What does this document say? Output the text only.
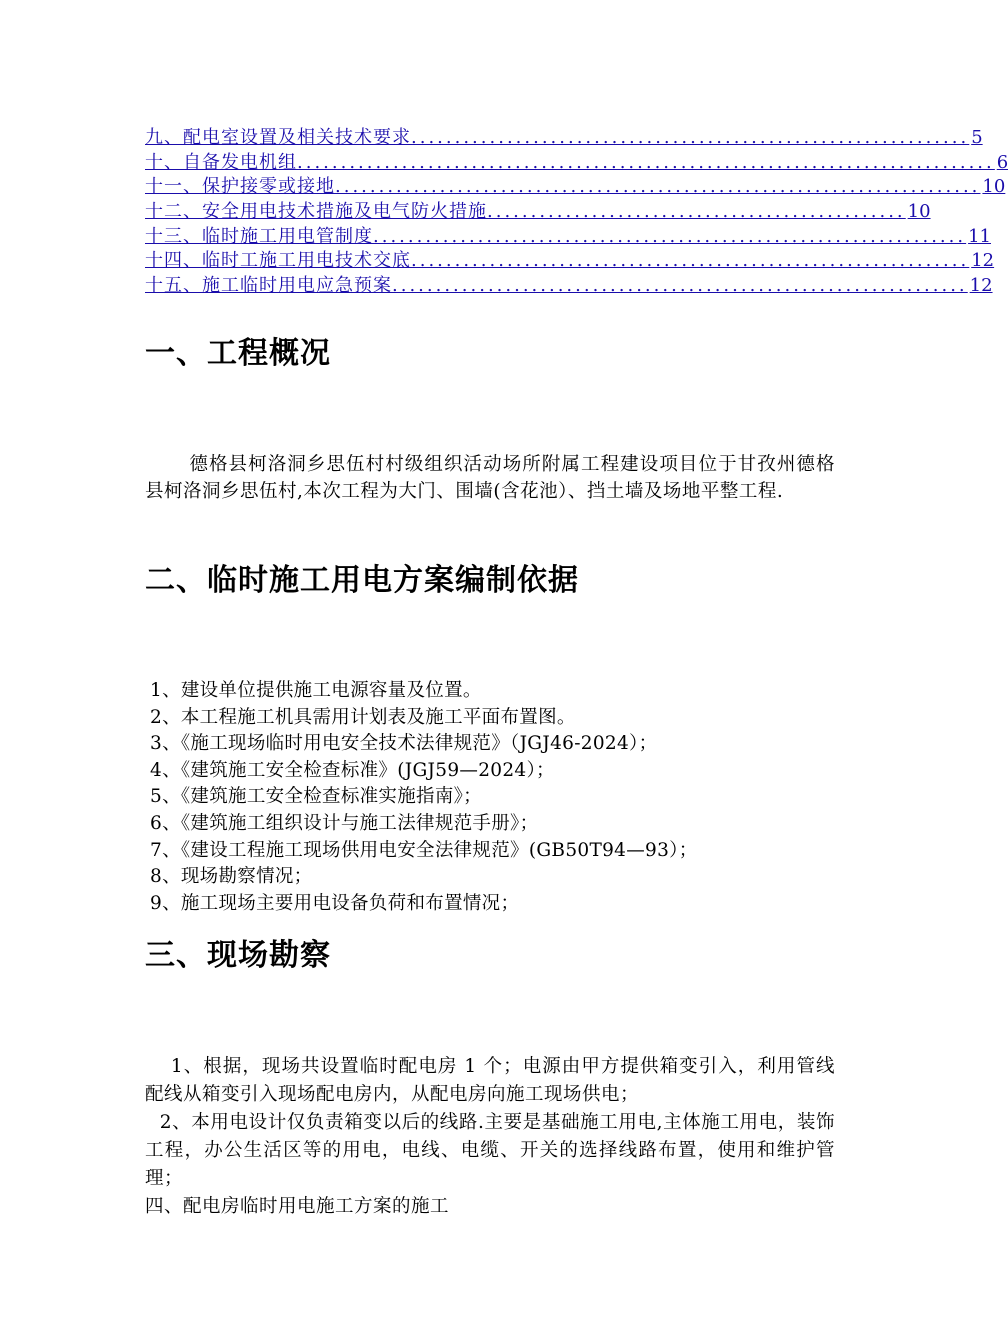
九、配电室设置及相关技术要求 ................................................................ 5
十、自备发电机组 ................................................................................ 6
十一、保护接零或接地 .......................................................................... 10
十二、安全用电技术措施及电气防火措施 ................................................ 10
十三、临时施工用电管制度 .................................................................... 11
十四、临时工施工用电技术交底 ................................................................ 12
十五、施工临时用电应急预案 .................................................................. 12
一、工程概况
德格县柯洛洞乡思伍村村级组织活动场所附属工程建设项目位于甘孜州德格县柯洛洞乡思伍村,本次工程为大门、围墙(含花池）、挡土墙及场地平整工程.
二、临时施工用电方案编制依据
1、建设单位提供施工电源容量及位置。
2、本工程施工机具需用计划表及施工平面布置图。
3、《施工现场临时用电安全技术法律规范》（JGJ46-2024）；
4、《建筑施工安全检查标准》(JGJ59—2024）；
5、《建筑施工安全检查标准实施指南》；
6、《建筑施工组织设计与施工法律规范手册》；
7、《建设工程施工现场供用电安全法律规范》(GB50T94—93）；
8、现场勘察情况；
9、施工现场主要用电设备负荷和布置情况；
三、现场勘察

1、根据，现场共设置临时配电房 1 个；电源由甲方提供箱变引入，利用管线配线从箱变引入现场配电房内，从配电房向施工现场供电；

2、本用电设计仅负责箱变以后的线路.主要是基础施工用电,主体施工用电，装饰工程，办公生活区等的用电，电线、电缆、开关的选择线路布置，使用和维护管理；

四、配电房临时用电施工方案的施工
